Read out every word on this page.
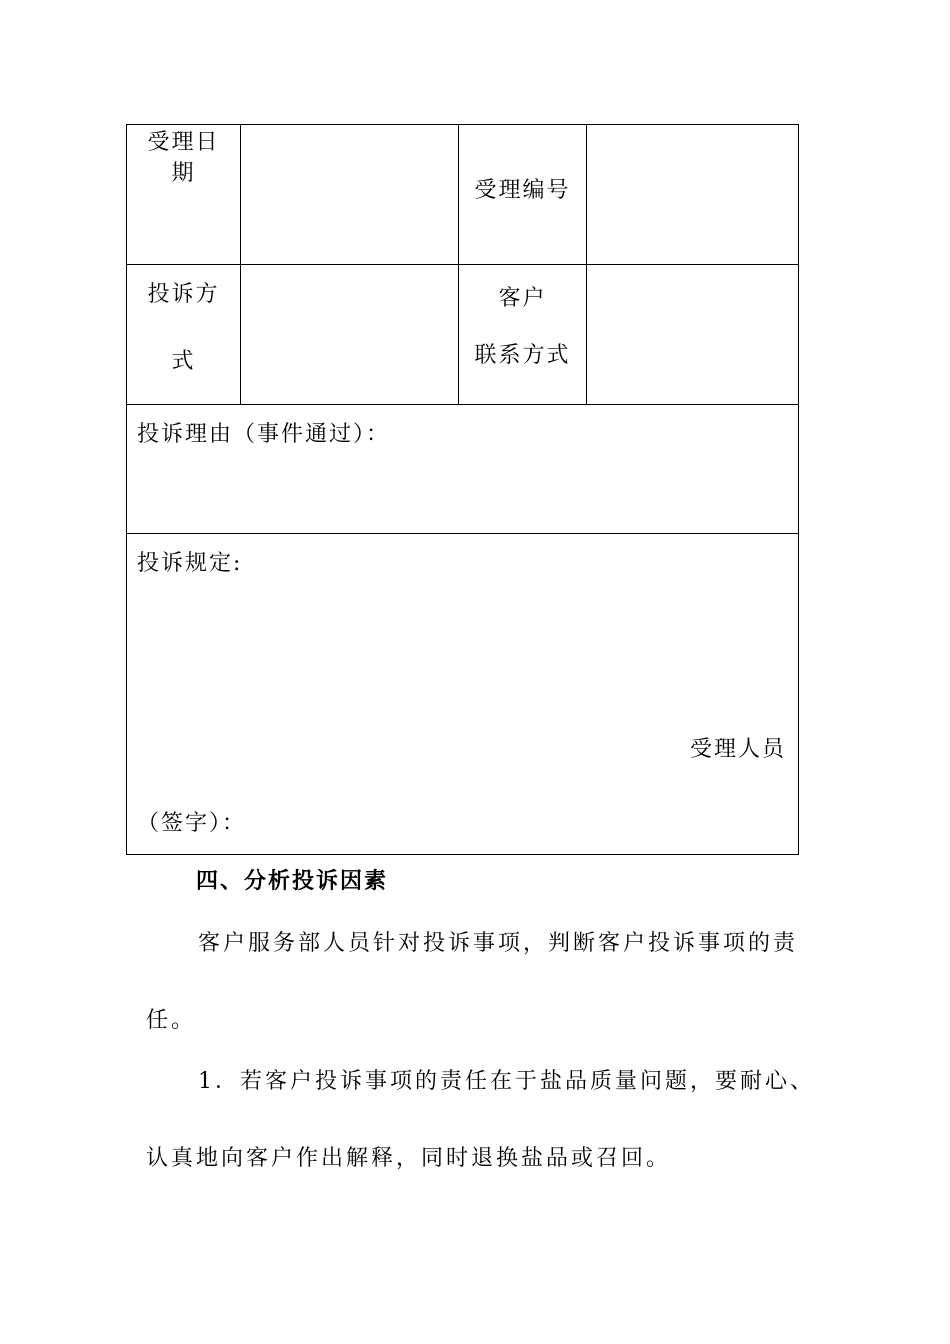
受理日
期		受理编号	

投诉方
式		客户
联系方式	

投诉理由（事件通过）：			

投诉规定:
受理人员
（签字）：			
四、分析投诉因素

客户服务部人员针对投诉事项，判断客户投诉事项的责任。

1．若客户投诉事项的责任在于盐品质量问题，要耐心、认真地向客户作出解释，同时退换盐品或召回。
